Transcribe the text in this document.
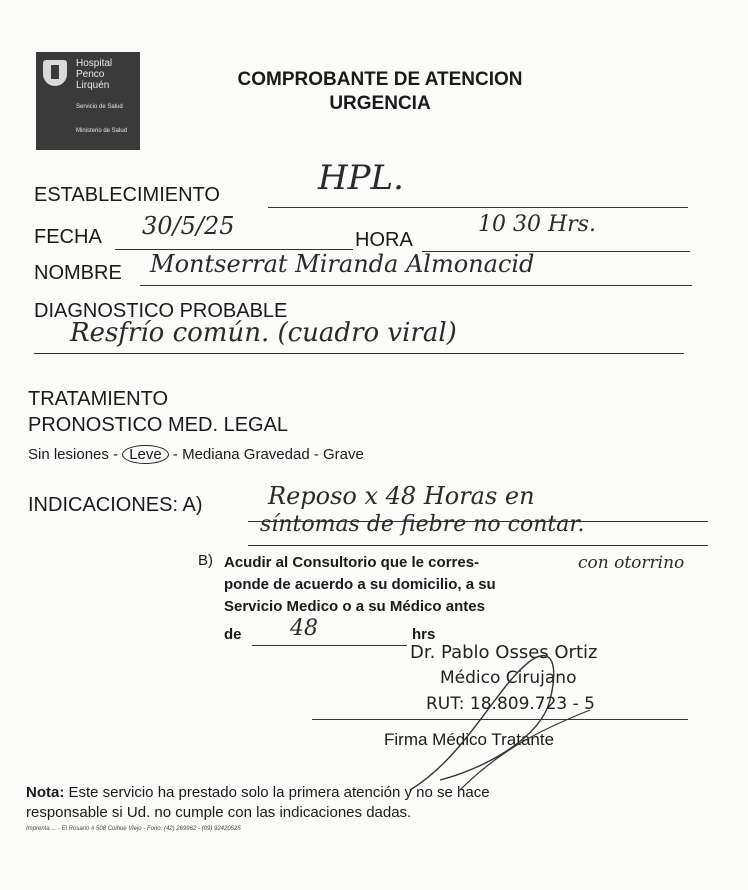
Hospital Penco Lirquén
Servicio de Salud
Ministerio de Salud
COMPROBANTE DE ATENCION
URGENCIA
ESTABLECIMIENTO	HPL.
FECHA 30/5/25	HORA
10 30 Hrs.
NOMBRE Montserrat Miranda Almonacid
DIAGNOSTICO PROBABLE
Resfrío común. (cuadro viral)
TRATAMIENTO
PRONOSTICO MED. LEGAL
Sin lesiones - Leve - Mediana Gravedad - Grave
INDICACIONES: A)	Reposo x 48 Horas en
síntomas de fiebre no contar.
B) Acudir al Consultorio que le corres-
ponde de acuerdo a su domicilio, a su
Servicio Medico o a su Médico antes
de 48	hrs
con otorrino
Dr. Pablo Osses Ortiz
Médico Cirujano
RUT: 18.809.723 - 5
Firma Médico Tratante
Nota: Este servicio ha prestado solo la primera atención y no se hace
responsable si Ud. no cumple con las indicaciones dadas.
Imprenta ... - El Rosario # 508 Coihue Viejo - Fono: (42) 269962 - (09) 92420525
